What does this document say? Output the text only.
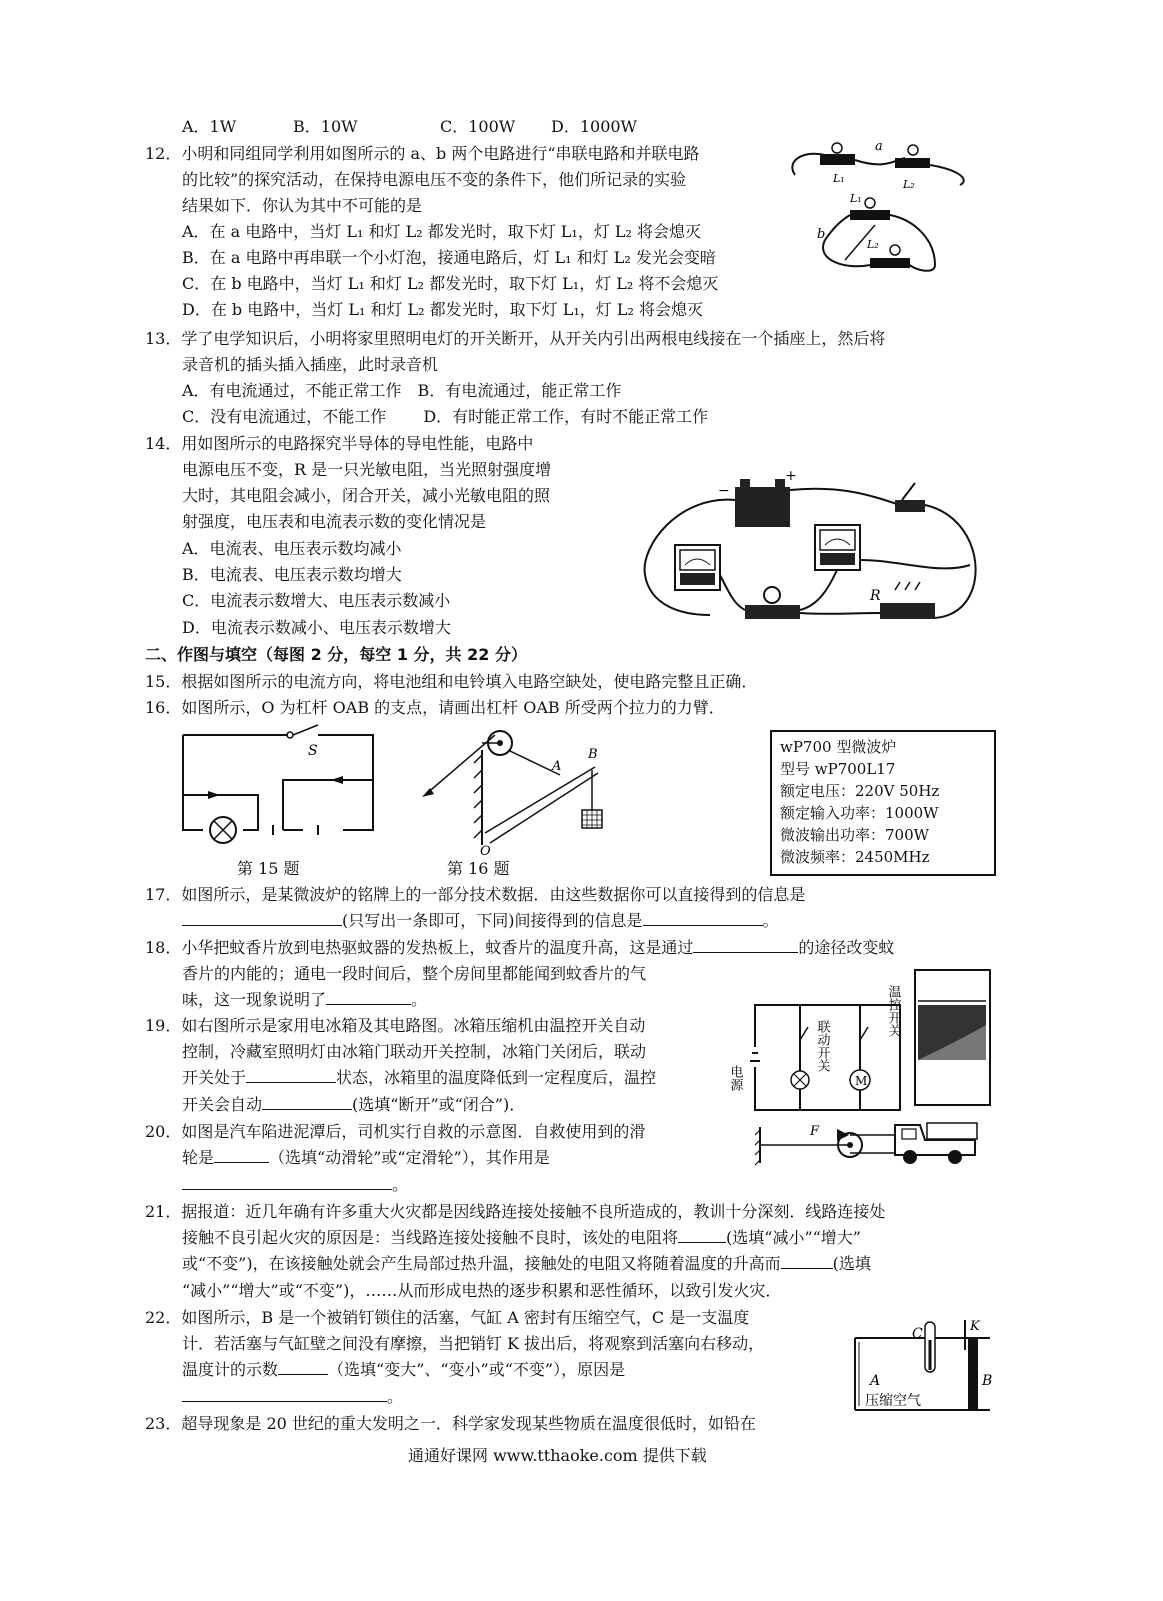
A．1W	B．10W	C．100W D．1000W
12．小明和同组同学利用如图所示的 a、b 两个电路进行“串联电路和并联电路
的比较”的探究活动，在保持电源电压不变的条件下，他们所记录的实验
结果如下．你认为其中不可能的是
A．在 a 电路中，当灯 L₁ 和灯 L₂ 都发光时，取下灯 L₁，灯 L₂ 将会熄灭
B．在 a 电路中再串联一个小灯泡，接通电路后，灯 L₁ 和灯 L₂ 发光会变暗
C．在 b 电路中，当灯 L₁ 和灯 L₂ 都发光时，取下灯 L₁，灯 L₂ 将不会熄灭
D．在 b 电路中，当灯 L₁ 和灯 L₂ 都发光时，取下灯 L₁，灯 L₂ 将会熄灭
a
L₁	L₂
L₁
L₂
b
13．学了电学知识后，小明将家里照明电灯的开关断开，从开关内引出两根电线接在一个插座上，然后将
录音机的插头插入插座，此时录音机
A．有电流通过，不能正常工作　B．有电流通过，能正常工作
C．没有电流通过，不能工作　　 D．有时能正常工作，有时不能正常工作
14．用如图所示的电路探究半导体的导电性能，电路中
电源电压不变，R 是一只光敏电阻，当光照射强度增
大时，其电阻会减小，闭合开关，减小光敏电阻的照
射强度，电压表和电流表示数的变化情况是
A．电流表、电压表示数均减小
B．电流表、电压表示数均增大
C．电流表示数增大、电压表示数减小
D．电流表示数减小、电压表示数增大
−
+
R
二、作图与填空（每图 2 分，每空 1 分，共 22 分）
15．根据如图所示的电流方向，将电池组和电铃填入电路空缺处，使电路完整且正确．
16．如图所示，O 为杠杆 OAB 的支点，请画出杠杆 OAB 所受两个拉力的力臂．
S
第 15 题
A
B
O
第 16 题
wP700 型微波炉
型号 wP700L17
额定电压：220V 50Hz
额定输入功率：1000W
微波输出功率：700W
微波频率：2450MHz
17．如图所示，是某微波炉的铭牌上的一部分技术数据．由这些数据你可以直接得到的信息是
(只写出一条即可，下同)间接得到的信息是	。
18．小华把蚊香片放到电热驱蚊器的发热板上，蚊香片的温度升高，这是通过	的途径改变蚊
香片的内能的；通电一段时间后，整个房间里都能闻到蚊香片的气
味，这一现象说明了	。
19．如右图所示是家用电冰箱及其电路图。冰箱压缩机由温控开关自动
控制，冷藏室照明灯由冰箱门联动开关控制，冰箱门关闭后，联动
开关处于	状态，冰箱里的温度降低到一定程度后，温控
开关会自动	(选填“断开”或“闭合”)．
电源
联动开关
M
温控开关
20．如图是汽车陷进泥潭后，司机实行自救的示意图．自救使用到的滑
轮是	（选填“动滑轮”或“定滑轮”），其作用是
。
F
21．据报道：近几年确有许多重大火灾都是因线路连接处接触不良所造成的，教训十分深刻．线路连接处
接触不良引起火灾的原因是：当线路连接处接触不良时，该处的电阻将	(选填“减小”“增大”
或“不变”)，在该接触处就会产生局部过热升温，接触处的电阻又将随着温度的升高而	(选填
“减小”“增大”或“不变”)，……从而形成电热的逐步积累和恶性循环，以致引发火灾．
22．如图所示，B 是一个被销钉锁住的活塞，气缸 A 密封有压缩空气，C 是一支温度
计．若活塞与气缸壁之间没有摩擦，当把销钉 K 拔出后，将观察到活塞向右移动，
温度计的示数	（选填“变大”、“变小”或“不变”），原因是
。
C	K
A
压缩空气
B
23．超导现象是 20 世纪的重大发明之一．科学家发现某些物质在温度很低时，如铅在
通通好课网 www.tthaoke.com 提供下载
